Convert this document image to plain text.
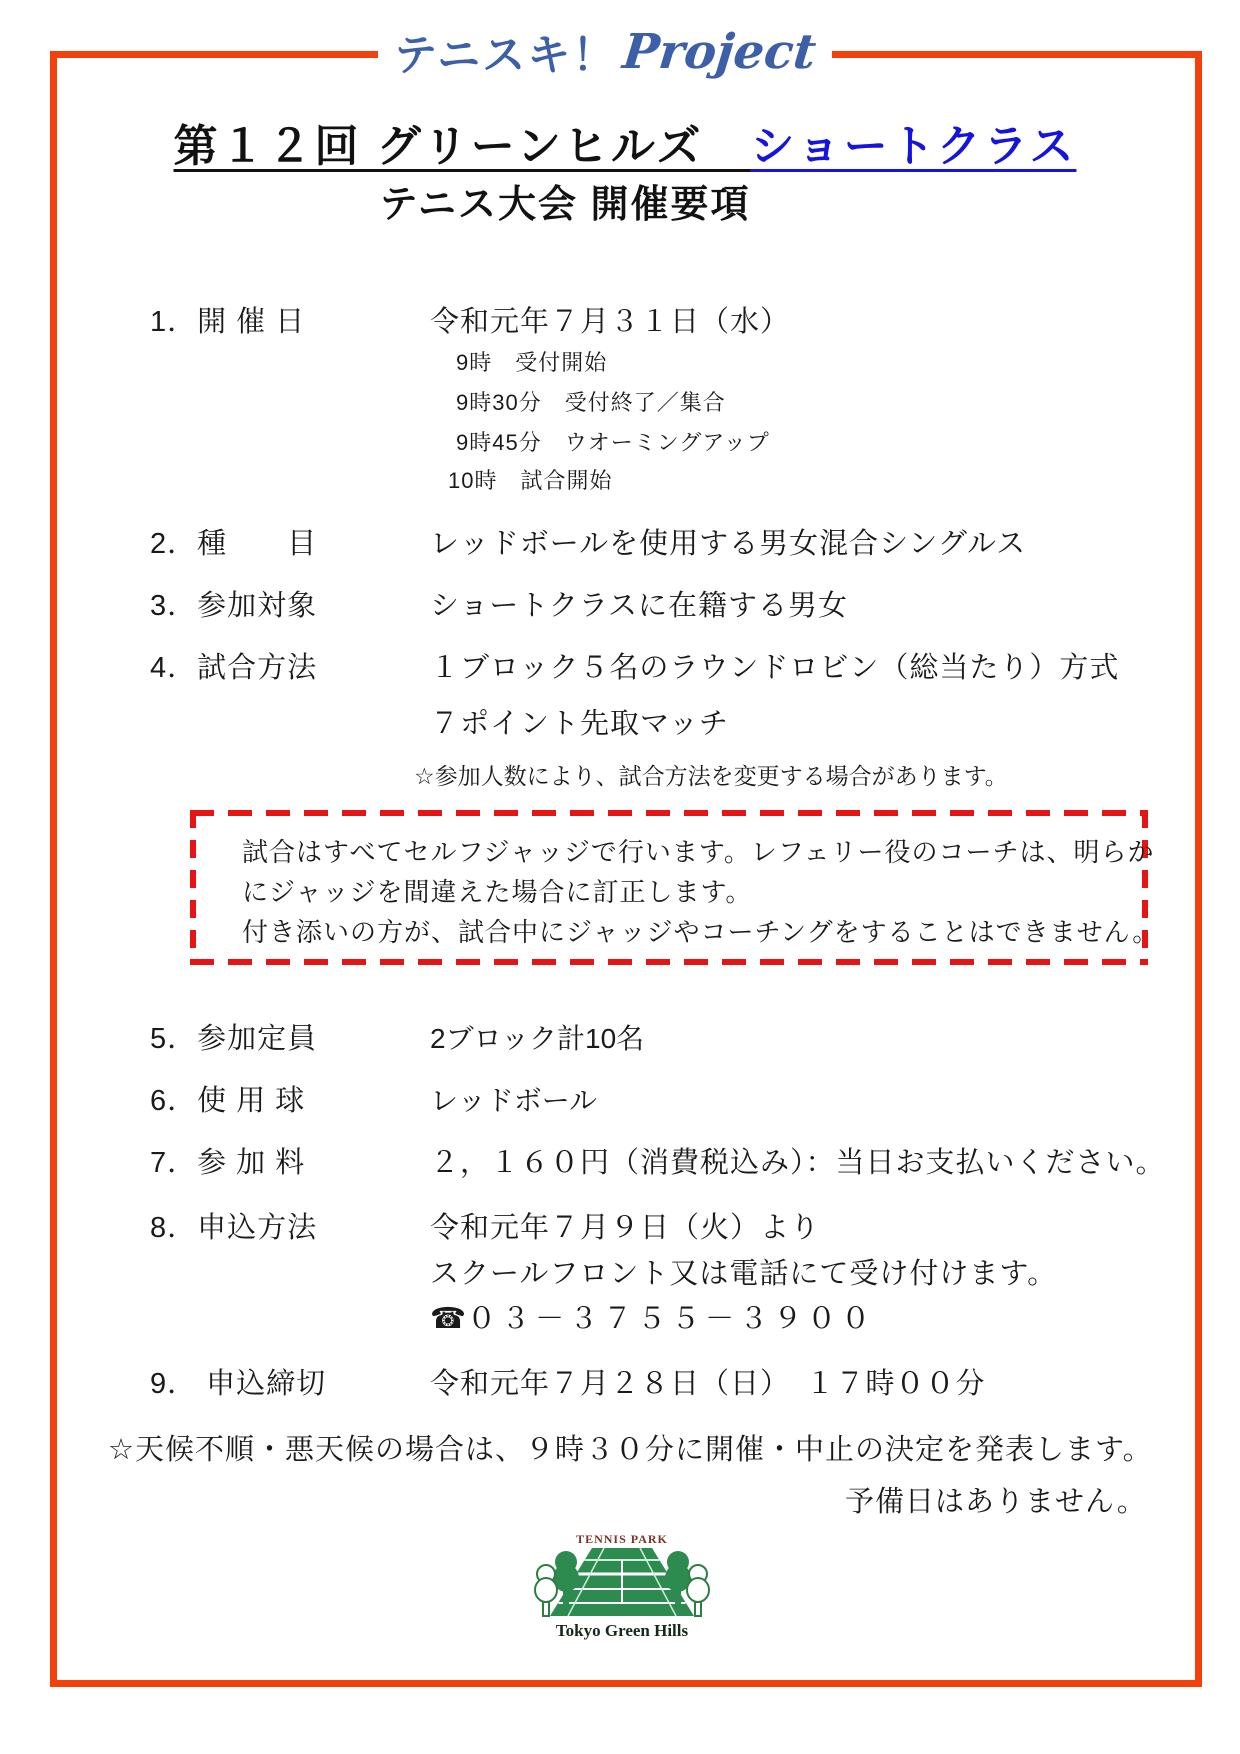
テニスキ！ Project
第１２回 グリーンヒルズ　ショートクラス
テニス大会 開催要項
1．開 催 日	令和元年７月３１日（水）
9時　受付開始
9時30分　受付終了／集合
9時45分　ウオーミングアップ
10時　試合開始
2．種　　目	レッドボールを使用する男女混合シングルス
3．参加対象	ショートクラスに在籍する男女
4．試合方法	１ブロック５名のラウンドロビン（総当たり）方式
７ポイント先取マッチ
☆参加人数により、試合方法を変更する場合があります。
試合はすべてセルフジャッジで行います。レフェリー役のコーチは、明らか
にジャッジを間違えた場合に訂正します。
付き添いの方が、試合中にジャッジやコーチングをすることはできません。
5．参加定員	2ブロック計10名
6．使 用 球	レッドボール
7．参 加 料	２，１６０円（消費税込み）：当日お支払いください。
8．申込方法	令和元年７月９日（火）より
スクールフロント又は電話にて受け付けます。
☎０３－３７５５－３９００
9． 申込締切	令和元年７月２８日（日）　１７時００分
☆天候不順・悪天候の場合は、９時３０分に開催・中止の決定を発表します。
予備日はありません。
TENNIS PARK
Tokyo Green Hills
